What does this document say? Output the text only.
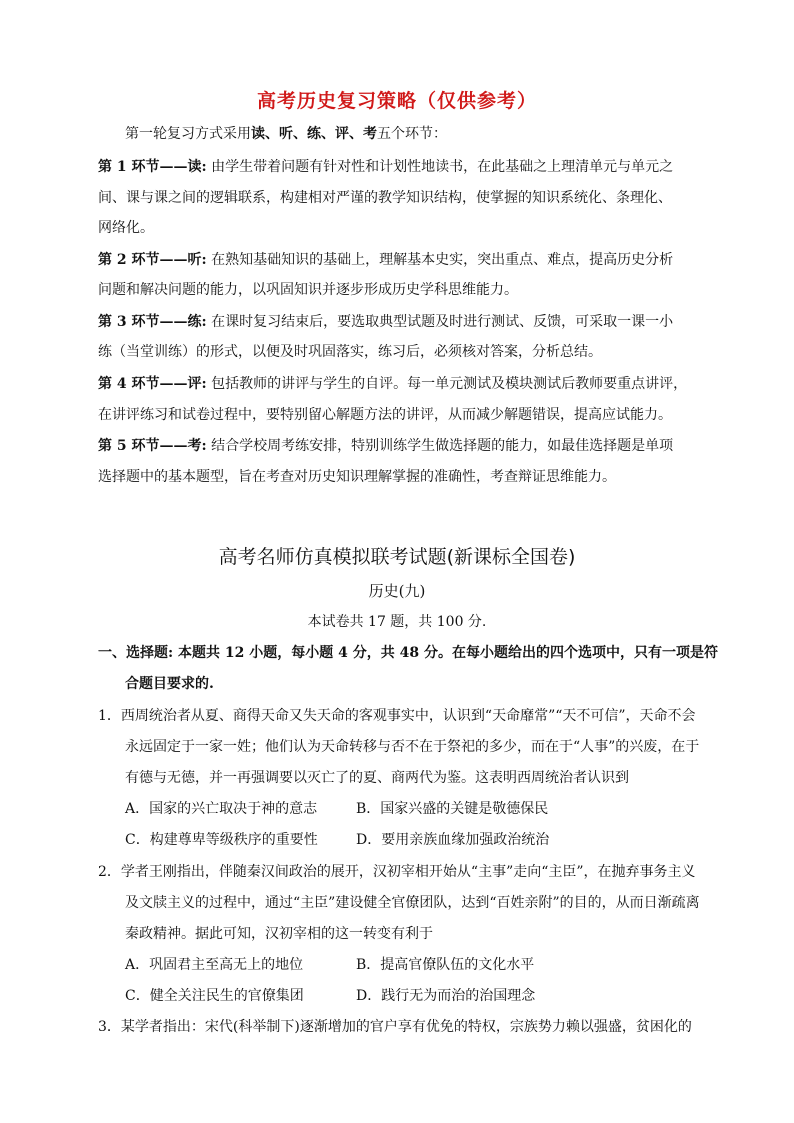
高考历史复习策略（仅供参考）
第一轮复习方式采用读、听、练、评、考五个环节：
第 1 环节——读: 由学生带着问题有针对性和计划性地读书，在此基础之上理清单元与单元之
间、课与课之间的逻辑联系，构建相对严谨的教学知识结构，使掌握的知识系统化、条理化、
网络化。
第 2 环节——听: 在熟知基础知识的基础上，理解基本史实，突出重点、难点，提高历史分析
问题和解决问题的能力，以巩固知识并逐步形成历史学科思维能力。
第 3 环节——练: 在课时复习结束后，要选取典型试题及时进行测试、反馈，可采取一课一小
练（当堂训练）的形式，以便及时巩固落实，练习后，必须核对答案，分析总结。
第 4 环节——评: 包括教师的讲评与学生的自评。每一单元测试及模块测试后教师要重点讲评，
在讲评练习和试卷过程中，要特别留心解题方法的讲评，从而减少解题错误，提高应试能力。
第 5 环节——考: 结合学校周考练安排，特别训练学生做选择题的能力，如最佳选择题是单项
选择题中的基本题型，旨在考查对历史知识理解掌握的准确性，考查辩证思维能力。
高考名师仿真模拟联考试题(新课标全国卷)
历史(九)
本试卷共 17 题，共 100 分.
一、选择题: 本题共 12 小题，每小题 4 分，共 48 分。在每小题给出的四个选项中，只有一项是符
合题目要求的.
1．西周统治者从夏、商得天命又失天命的客观事实中，认识到“天命靡常”“天不可信”，天命不会
永远固定于一家一姓；他们认为天命转移与否不在于祭祀的多少，而在于“人事”的兴废，在于
有德与无德，并一再强调要以灭亡了的夏、商两代为鉴。这表明西周统治者认识到
A．国家的兴亡取决于神的意志	B．国家兴盛的关键是敬德保民
C．构建尊卑等级秩序的重要性	D．要用亲族血缘加强政治统治
2．学者王刚指出，伴随秦汉间政治的展开，汉初宰相开始从“主事”走向“主臣”，在抛弃事务主义
及文牍主义的过程中，通过“主臣”建设健全官僚团队，达到“百姓亲附”的目的，从而日渐疏离
秦政精神。据此可知，汉初宰相的这一转变有利于
A．巩固君主至高无上的地位	B．提高官僚队伍的文化水平
C．健全关注民生的官僚集团	D．践行无为而治的治国理念
3．某学者指出：宋代(科举制下)逐渐增加的官户享有优免的特权，宗族势力赖以强盛，贫困化的
